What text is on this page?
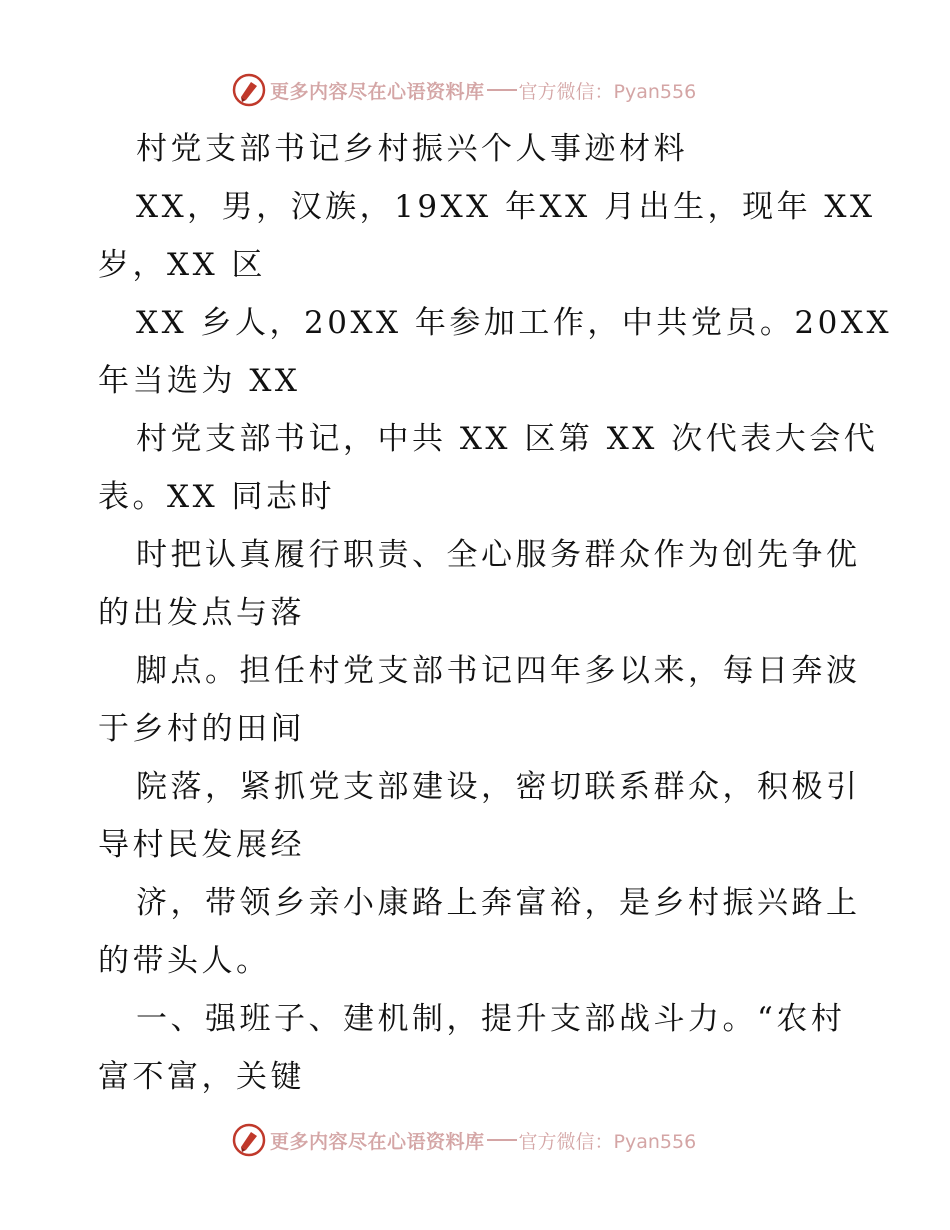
更多内容尽在心语资料库 官方微信：Pyan556
村党支部书记乡村振兴个人事迹材料
XX，男，汉族，19XX 年XX 月出生，现年 XX
岁，XX 区
XX 乡人，20XX 年参加工作，中共党员。20XX
年当选为 XX
村党支部书记，中共 XX 区第 XX 次代表大会代
表。XX 同志时
时把认真履行职责、全心服务群众作为创先争优
的出发点与落
脚点。担任村党支部书记四年多以来，每日奔波
于乡村的田间
院落，紧抓党支部建设，密切联系群众，积极引
导村民发展经
济，带领乡亲小康路上奔富裕，是乡村振兴路上
的带头人。
一、强班子、建机制，提升支部战斗力。“农村
富不富，关键
更多内容尽在心语资料库 官方微信：Pyan556
